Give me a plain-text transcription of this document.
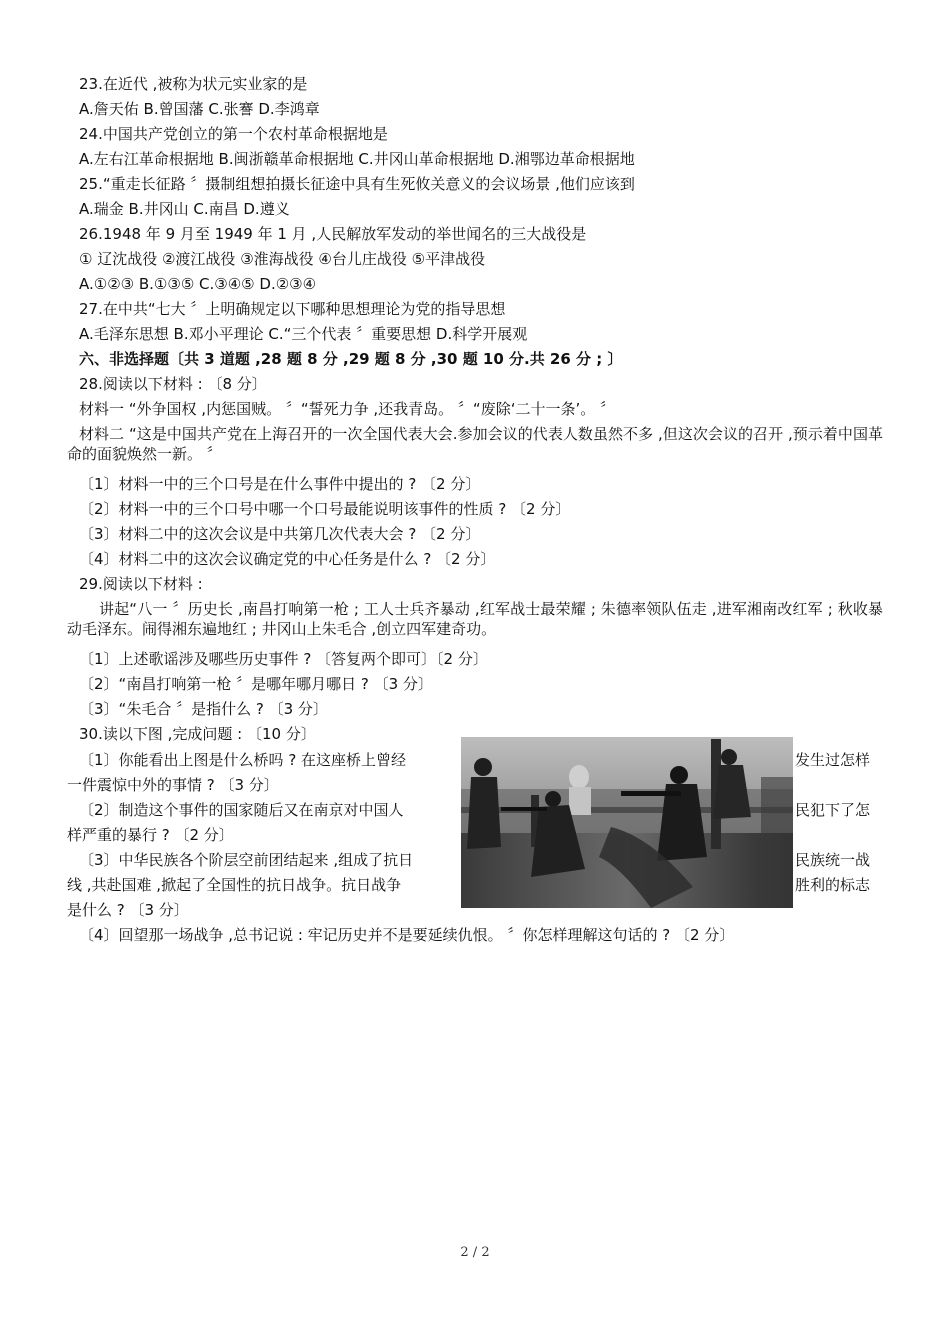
23.在近代 ,被称为状元实业家的是
A.詹天佑 B.曾国藩 C.张謇 D.李鸿章
24.中国共产党创立的第一个农村革命根据地是
A.左右江革命根据地 B.闽浙赣革命根据地 C.井冈山革命根据地 D.湘鄂边革命根据地
25.“重走长征路 〞摄制组想拍摄长征途中具有生死攸关意义的会议场景 ,他们应该到
A.瑞金 B.井冈山 C.南昌 D.遵义
26.1948 年 9 月至 1949 年 1 月 ,人民解放军发动的举世闻名的三大战役是
① 辽沈战役 ②渡江战役 ③淮海战役 ④台儿庄战役 ⑤平津战役
A.①②③ B.①③⑤ C.③④⑤ D.②③④
27.在中共“七大 〞上明确规定以下哪种思想理论为党的指导思想
A.毛泽东思想 B.邓小平理论 C.“三个代表 〞重要思想 D.科学开展观
六、非选择题〔共 3 道题 ,28 题 8 分 ,29 题 8 分 ,30 题 10 分.共 26 分 ; 〕
28.阅读以下材料 : 〔8 分〕
材料一 “外争国权 ,内惩国贼。 〞“誓死力争 ,还我青岛。 〞“废除‘二十一条’。 〞
材料二 “这是中国共产党在上海召开的一次全国代表大会.参加会议的代表人数虽然不多 ,但这次会议的召开 ,预示着中国革命的面貌焕然一新。 〞
〔1〕材料一中的三个口号是在什么事件中提出的 ? 〔2 分〕
〔2〕材料一中的三个口号中哪一个口号最能说明该事件的性质 ? 〔2 分〕
〔3〕材料二中的这次会议是中共第几次代表大会 ? 〔2 分〕
〔4〕材料二中的这次会议确定党的中心任务是什么 ? 〔2 分〕
29.阅读以下材料 :
讲起“八一 〞历史长 ,南昌打响第一枪 ; 工人士兵齐暴动 ,红军战士最荣耀 ; 朱德率领队伍走 ,进军湘南改红军 ; 秋收暴动毛泽东。闹得湘东遍地红 ; 井冈山上朱毛合 ,创立四军建奇功。
〔1〕上述歌谣涉及哪些历史事件 ? 〔答复两个即可〕〔2 分〕
〔2〕“南昌打响第一枪 〞是哪年哪月哪日 ? 〔3 分〕
〔3〕“朱毛合 〞是指什么 ? 〔3 分〕
30.读以下图 ,完成问题 : 〔10 分〕
〔1〕你能看出上图是什么桥吗 ? 在这座桥上曾经	发生过怎样
一件震惊中外的事情 ? 〔3 分〕
〔2〕制造这个事件的国家随后又在南京对中国人	民犯下了怎
样严重的暴行 ? 〔2 分〕
〔3〕中华民族各个阶层空前团结起来 ,组成了抗日	民族统一战
线 ,共赴国难 ,掀起了全国性的抗日战争。抗日战争	胜利的标志
是什么 ? 〔3 分〕
〔4〕回望那一场战争 ,总书记说 : 牢记历史并不是要延续仇恨。 〞你怎样理解这句话的 ? 〔2 分〕
2 / 2
